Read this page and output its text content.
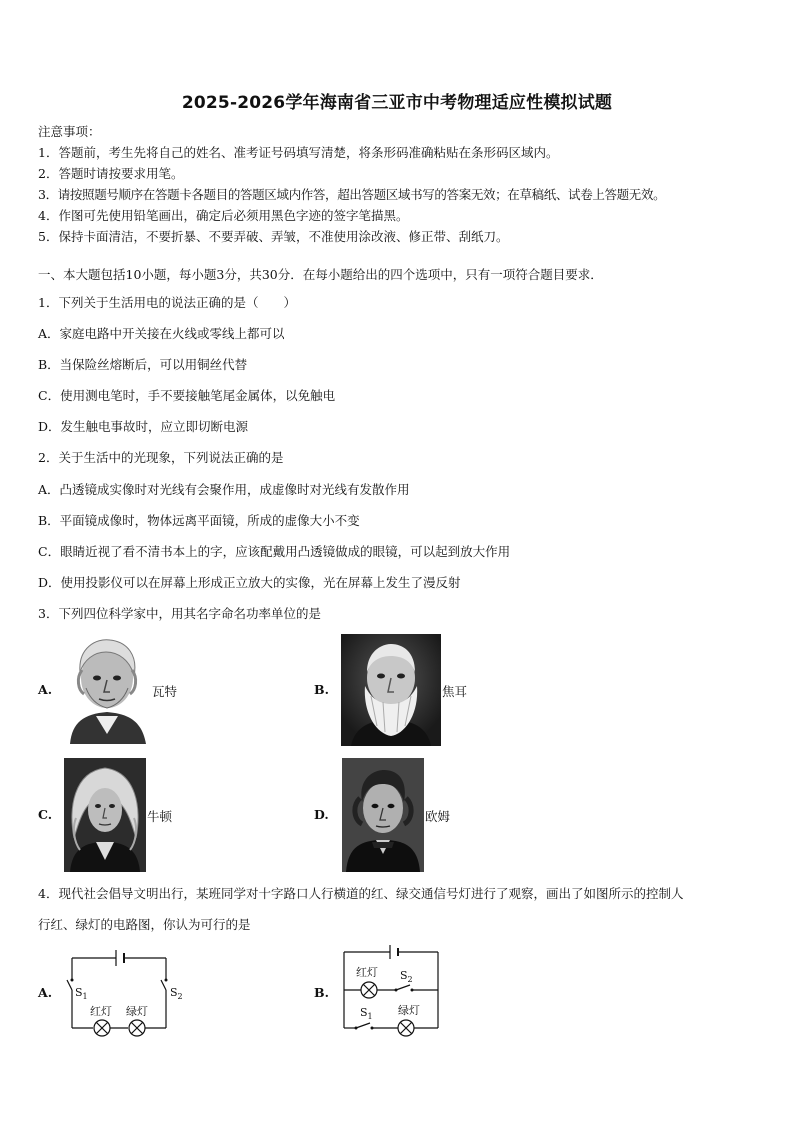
2025-2026学年海南省三亚市中考物理适应性模拟试题
注意事项：
1．答题前，考生先将自己的姓名、准考证号码填写清楚，将条形码准确粘贴在条形码区域内。
2．答题时请按要求用笔。
3．请按照题号顺序在答题卡各题目的答题区域内作答，超出答题区域书写的答案无效；在草稿纸、试卷上答题无效。
4．作图可先使用铅笔画出，确定后必须用黑色字迹的签字笔描黑。
5．保持卡面清洁，不要折暴、不要弄破、弄皱，不准使用涂改液、修正带、刮纸刀。
一、本大题包括10小题，每小题3分，共30分．在每小题给出的四个选项中，只有一项符合题目要求．
1．下列关于生活用电的说法正确的是（　　）
A．家庭电路中开关接在火线或零线上都可以
B．当保险丝熔断后，可以用铜丝代替
C．使用测电笔时，手不要接触笔尾金属体，以免触电
D．发生触电事故时，应立即切断电源
2．关于生活中的光现象，下列说法正确的是
A．凸透镜成实像时对光线有会聚作用，成虚像时对光线有发散作用
B．平面镜成像时，物体远离平面镜，所成的虚像大小不变
C．眼睛近视了看不清书本上的字，应该配戴用凸透镜做成的眼镜，可以起到放大作用
D．使用投影仪可以在屏幕上形成正立放大的实像，光在屏幕上发生了漫反射
3．下列四位科学家中，用其名字命名功率单位的是
A.	瓦特	B.	焦耳
C.	牛顿	D.	欧姆
4．现代社会倡导文明出行，某班同学对十字路口人行横道的红、绿交通信号灯进行了观察，画出了如图所示的控制人
行红、绿灯的电路图，你认为可行的是
A. $S_1$	$S_2$
红灯 绿灯
B.
红灯 $S_2$
$S_1$ 绿灯
